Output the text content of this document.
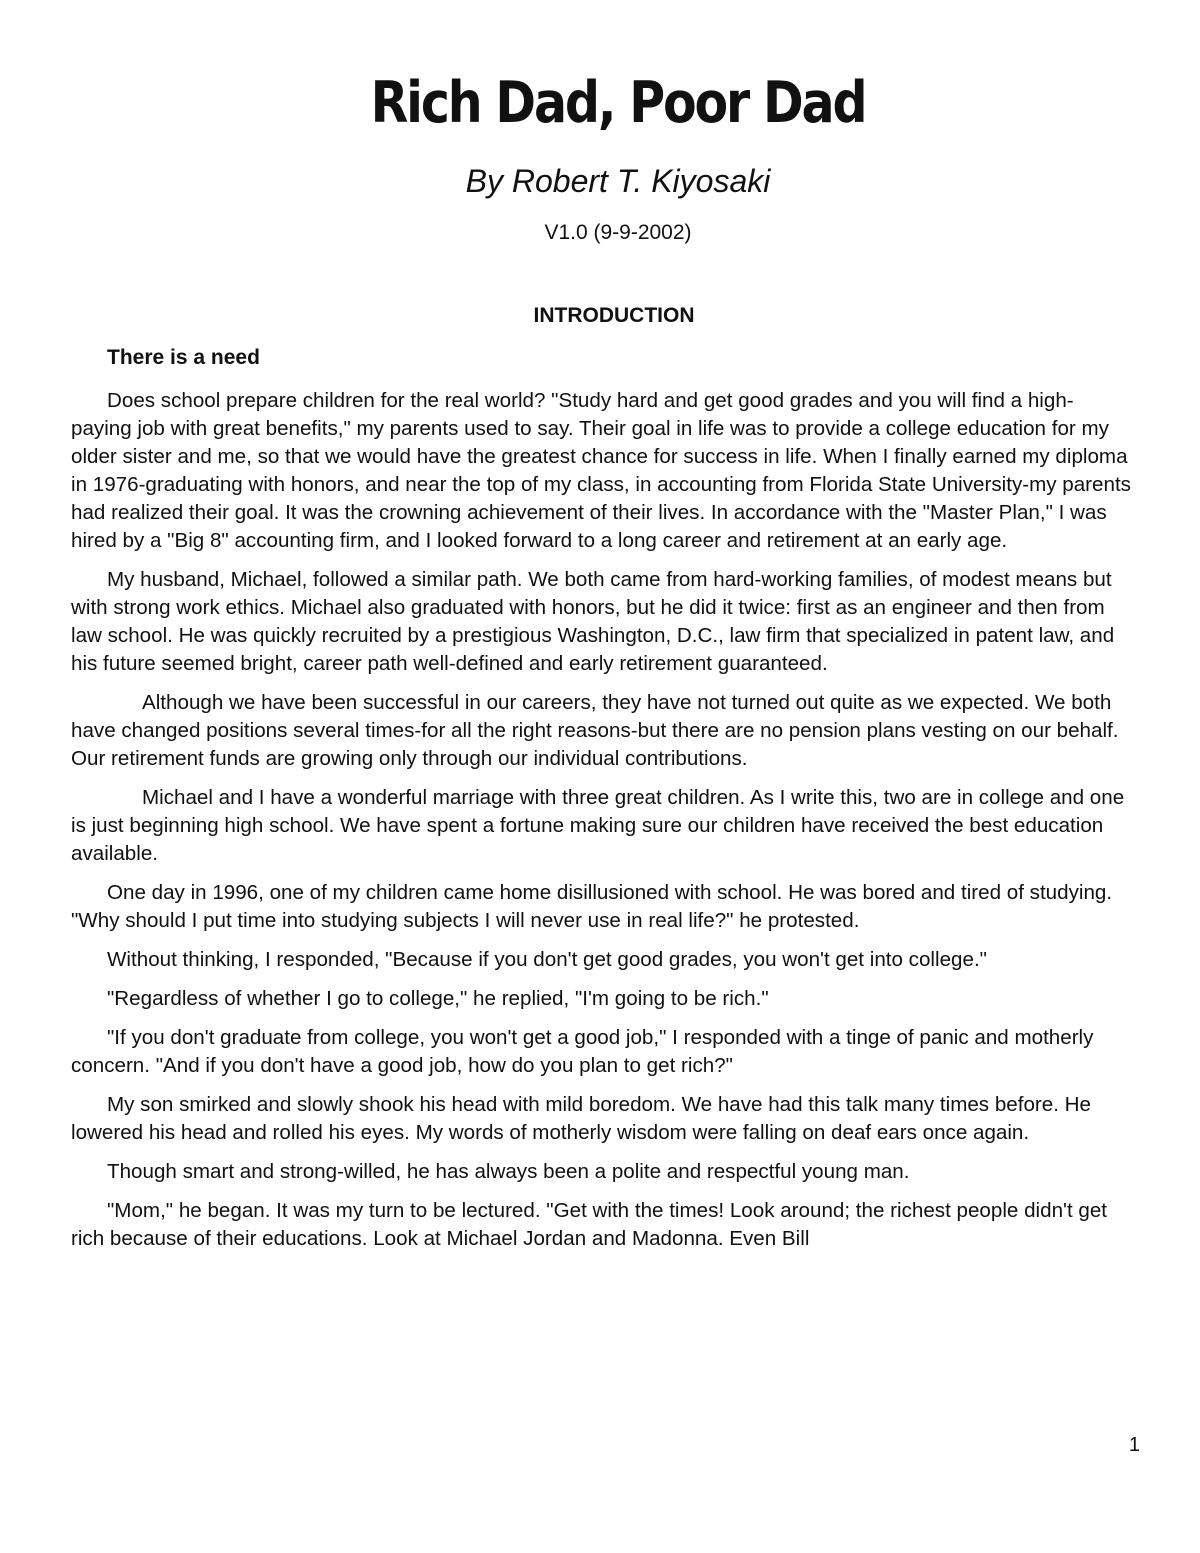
Rich Dad, Poor Dad
By Robert T. Kiyosaki
V1.0 (9-9-2002)
INTRODUCTION
There is a need

Does school prepare children for the real world? "Study hard and get good grades and you will find a high-paying job with great benefits," my parents used to say. Their goal in life was to provide a college education for my older sister and me, so that we would have the greatest chance for success in life. When I finally earned my diploma in 1976-graduating with honors, and near the top of my class, in accounting from Florida State University-my parents had realized their goal. It was the crowning achievement of their lives. In accordance with the "Master Plan," I was hired by a "Big 8" accounting firm, and I looked forward to a long career and retirement at an early age.

My husband, Michael, followed a similar path. We both came from hard-working families, of modest means but with strong work ethics. Michael also graduated with honors, but he did it twice: first as an engineer and then from law school. He was quickly recruited by a prestigious Washington, D.C., law firm that specialized in patent law, and his future seemed bright, career path well-defined and early retirement guaranteed.

Although we have been successful in our careers, they have not turned out quite as we expected. We both have changed positions several times-for all the right reasons-but there are no pension plans vesting on our behalf. Our retirement funds are growing only through our individual contributions.

Michael and I have a wonderful marriage with three great children. As I write this, two are in college and one is just beginning high school. We have spent a fortune making sure our children have received the best education available.

One day in 1996, one of my children came home disillusioned with school. He was bored and tired of studying. "Why should I put time into studying subjects I will never use in real life?" he protested.

Without thinking, I responded, "Because if you don't get good grades, you won't get into college."

"Regardless of whether I go to college," he replied, "I'm going to be rich."

"If you don't graduate from college, you won't get a good job," I responded with a tinge of panic and motherly concern. "And if you don't have a good job, how do you plan to get rich?"

My son smirked and slowly shook his head with mild boredom. We have had this talk many times before. He lowered his head and rolled his eyes. My words of motherly wisdom were falling on deaf ears once again.

Though smart and strong-willed, he has always been a polite and respectful young man.

"Mom," he began. It was my turn to be lectured. "Get with the times! Look around; the richest people didn't get rich because of their educations. Look at Michael Jordan and Madonna. Even Bill

1
